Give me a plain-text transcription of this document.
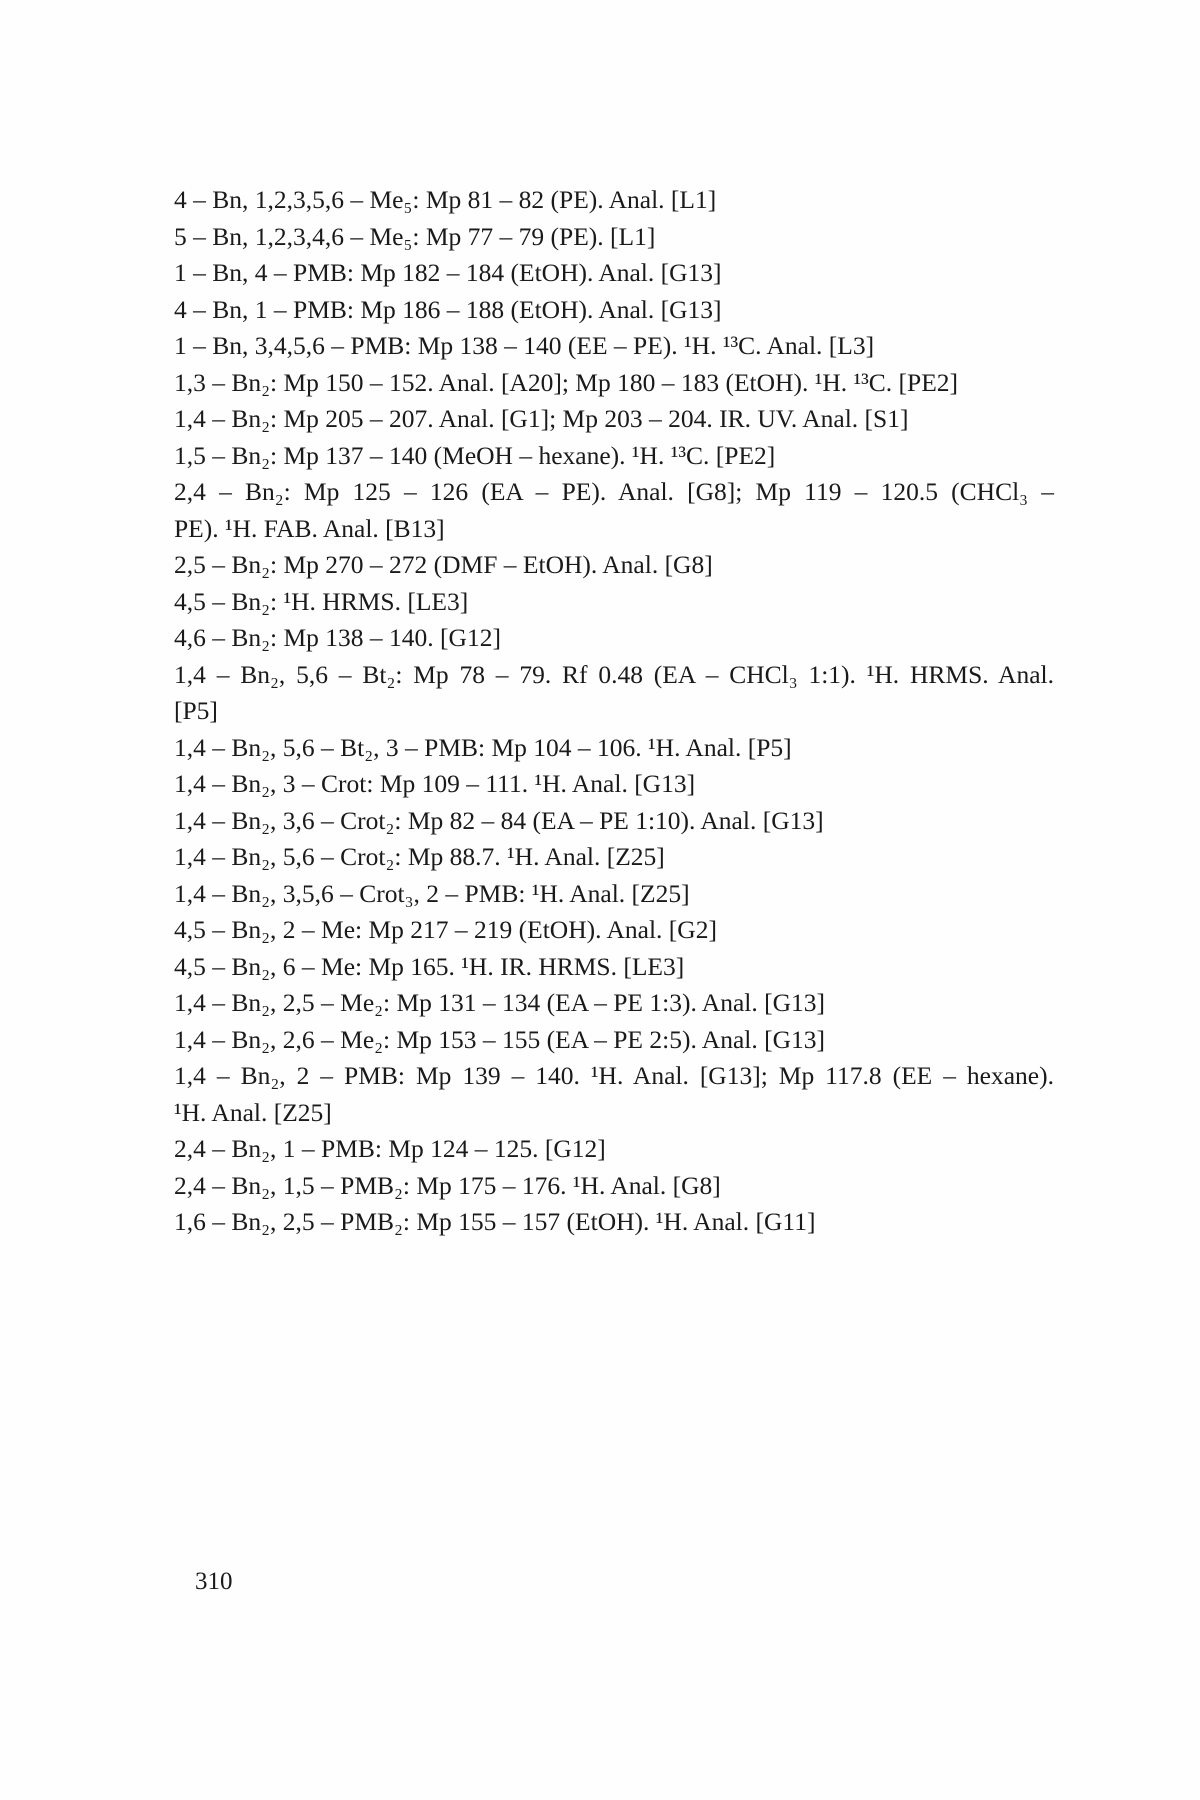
4 – Bn, 1,2,3,5,6 – Me₅: Mp 81 – 82 (PE). Anal. [L1]
5 – Bn, 1,2,3,4,6 – Me₅: Mp 77 – 79 (PE). [L1]
1 – Bn, 4 – PMB: Mp 182 – 184 (EtOH). Anal. [G13]
4 – Bn, 1 – PMB: Mp 186 – 188 (EtOH). Anal. [G13]
1 – Bn, 3,4,5,6 – PMB: Mp 138 – 140 (EE – PE). ¹H. ¹³C. Anal. [L3]
1,3 – Bn₂: Mp 150 – 152. Anal. [A20]; Mp 180 – 183 (EtOH). ¹H. ¹³C. [PE2]
1,4 – Bn₂: Mp 205 – 207. Anal. [G1]; Mp 203 – 204. IR. UV. Anal. [S1]
1,5 – Bn₂: Mp 137 – 140 (MeOH – hexane). ¹H. ¹³C. [PE2]
2,4 – Bn₂: Mp 125 – 126 (EA – PE). Anal. [G8]; Mp 119 – 120.5 (CHCl₃ –
PE). ¹H. FAB. Anal. [B13]
2,5 – Bn₂: Mp 270 – 272 (DMF – EtOH). Anal. [G8]
4,5 – Bn₂: ¹H. HRMS. [LE3]
4,6 – Bn₂: Mp 138 – 140. [G12]
1,4 – Bn₂, 5,6 – Bt₂: Mp 78 – 79. Rf 0.48 (EA – CHCl₃ 1:1). ¹H. HRMS. Anal.
[P5]
1,4 – Bn₂, 5,6 – Bt₂, 3 – PMB: Mp 104 – 106. ¹H. Anal. [P5]
1,4 – Bn₂, 3 – Crot: Mp 109 – 111. ¹H. Anal. [G13]
1,4 – Bn₂, 3,6 – Crot₂: Mp 82 – 84 (EA – PE 1:10). Anal. [G13]
1,4 – Bn₂, 5,6 – Crot₂: Mp 88.7. ¹H. Anal. [Z25]
1,4 – Bn₂, 3,5,6 – Crot₃, 2 – PMB: ¹H. Anal. [Z25]
4,5 – Bn₂, 2 – Me: Mp 217 – 219 (EtOH). Anal. [G2]
4,5 – Bn₂, 6 – Me: Mp 165. ¹H. IR. HRMS. [LE3]
1,4 – Bn₂, 2,5 – Me₂: Mp 131 – 134 (EA – PE 1:3). Anal. [G13]
1,4 – Bn₂, 2,6 – Me₂: Mp 153 – 155 (EA – PE 2:5). Anal. [G13]
1,4 – Bn₂, 2 – PMB: Mp 139 – 140. ¹H. Anal. [G13]; Mp 117.8 (EE – hexane).
¹H. Anal. [Z25]
2,4 – Bn₂, 1 – PMB: Mp 124 – 125. [G12]
2,4 – Bn₂, 1,5 – PMB₂: Mp 175 – 176. ¹H. Anal. [G8]
1,6 – Bn₂, 2,5 – PMB₂: Mp 155 – 157 (EtOH). ¹H. Anal. [G11]
310
